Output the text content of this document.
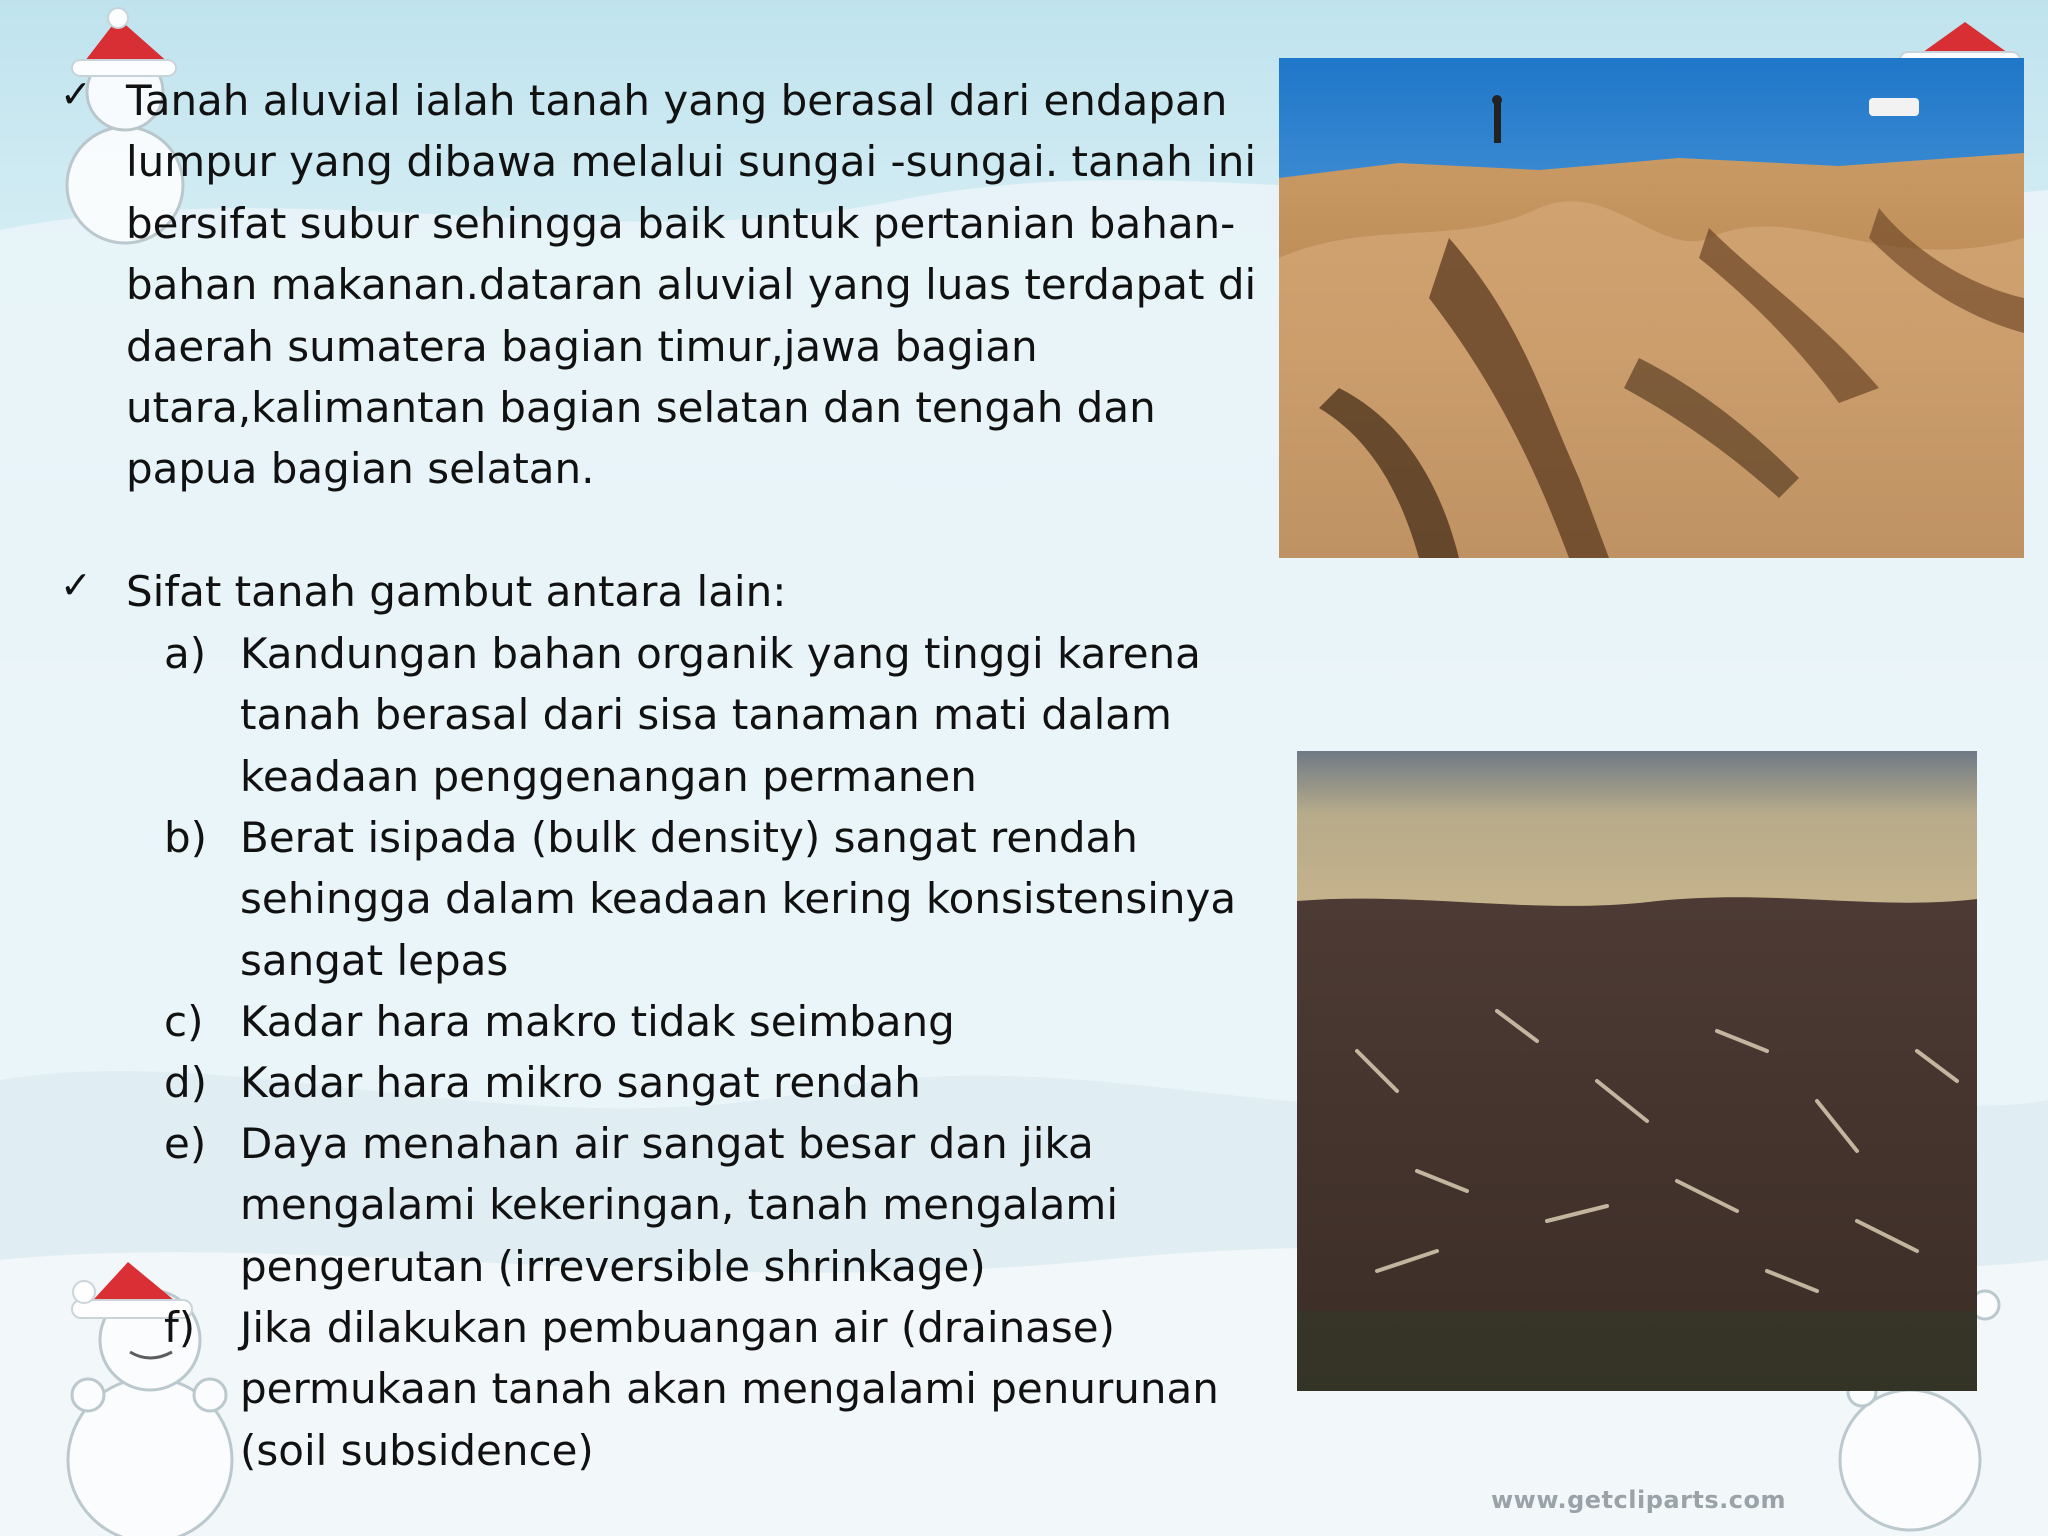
✓ Tanah aluvial ialah tanah yang berasal dari endapan lumpur yang dibawa melalui sungai -sungai. tanah ini bersifat subur sehingga baik untuk pertanian bahan-bahan makanan.dataran aluvial yang luas terdapat di daerah sumatera bagian timur,jawa bagian utara,kalimantan bagian selatan dan tengah dan papua bagian selatan.
✓ Sifat tanah gambut antara lain:
a) Kandungan bahan organik yang tinggi karena tanah berasal dari sisa tanaman mati dalam keadaan penggenangan permanen
b) Berat isipada (bulk density) sangat rendah sehingga dalam keadaan kering konsistensinya sangat lepas
c) Kadar hara makro tidak seimbang
d) Kadar hara mikro sangat rendah
e) Daya menahan air sangat besar dan jika mengalami kekeringan, tanah mengalami pengerutan (irreversible shrinkage)
f) Jika dilakukan pembuangan air (drainase) permukaan tanah akan mengalami penurunan (soil subsidence)
www.getcliparts.com
